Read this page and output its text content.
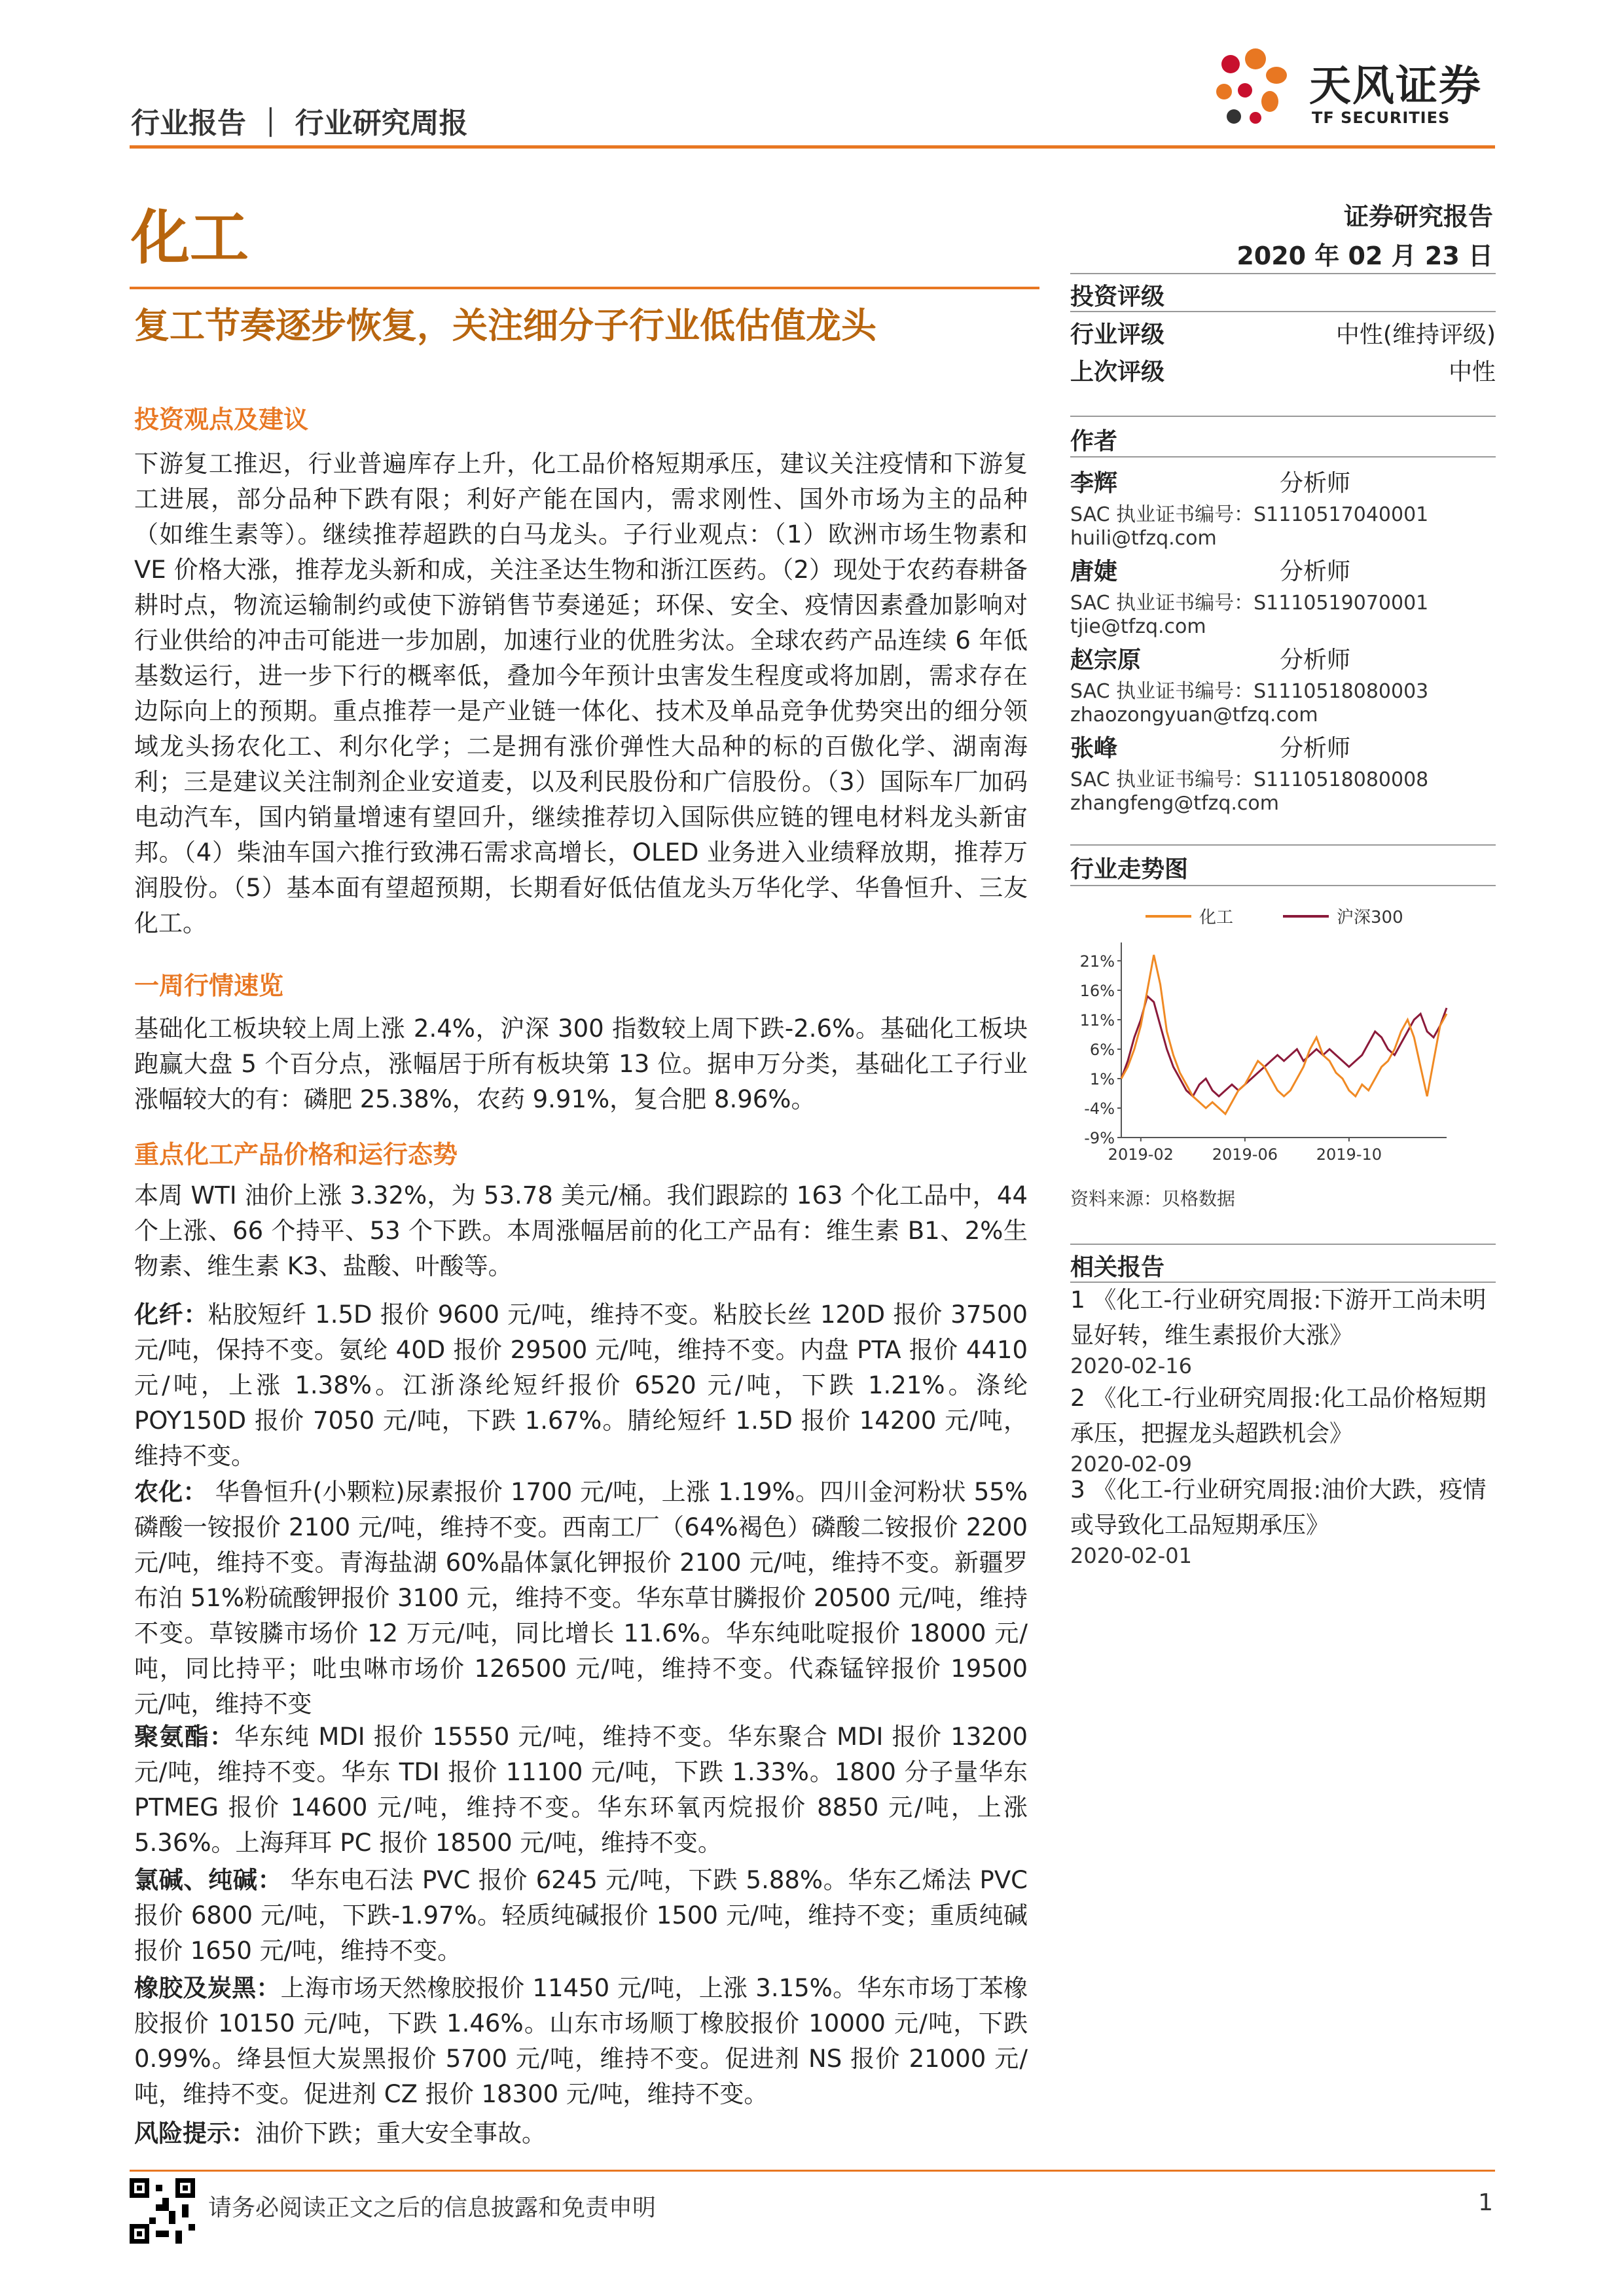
行业报告 ｜ 行业研究周报
天风证券
TF SECURITIES
化工	证券研究报告
2020 年 02 月 23 日
复工节奏逐步恢复，关注细分子行业低估值龙头
投资观点及建议
下游复工推迟，行业普遍库存上升，化工品价格短期承压，建议关注疫情和下游复工进展，部分品种下跌有限；利好产能在国内，需求刚性、国外市场为主的品种（如维生素等）。继续推荐超跌的白马龙头。子行业观点：（1）欧洲市场生物素和 VE 价格大涨，推荐龙头新和成，关注圣达生物和浙江医药。（2）现处于农药春耕备耕时点，物流运输制约或使下游销售节奏递延；环保、安全、疫情因素叠加影响对行业供给的冲击可能进一步加剧，加速行业的优胜劣汰。全球农药产品连续 6 年低基数运行，进一步下行的概率低，叠加今年预计虫害发生程度或将加剧，需求存在边际向上的预期。重点推荐一是产业链一体化、技术及单品竞争优势突出的细分领域龙头扬农化工、利尔化学；二是拥有涨价弹性大品种的标的百傲化学、湖南海利；三是建议关注制剂企业安道麦，以及利民股份和广信股份。（3）国际车厂加码电动汽车，国内销量增速有望回升，继续推荐切入国际供应链的锂电材料龙头新宙邦。（4）柴油车国六推行致沸石需求高增长，OLED 业务进入业绩释放期，推荐万润股份。（5）基本面有望超预期，长期看好低估值龙头万华化学、华鲁恒升、三友化工。
一周行情速览
基础化工板块较上周上涨 2.4%，沪深 300 指数较上周下跌-2.6%。基础化工板块跑赢大盘 5 个百分点，涨幅居于所有板块第 13 位。据申万分类，基础化工子行业涨幅较大的有：磷肥 25.38%，农药 9.91%，复合肥 8.96%。
重点化工产品价格和运行态势
本周 WTI 油价上涨 3.32%，为 53.78 美元/桶。我们跟踪的 163 个化工品中，44 个上涨、66 个持平、53 个下跌。本周涨幅居前的化工产品有：维生素 B1、2%生物素、维生素 K3、盐酸、叶酸等。
化纤：粘胶短纤 1.5D 报价 9600 元/吨，维持不变。粘胶长丝 120D 报价 37500 元/吨，保持不变。氨纶 40D 报价 29500 元/吨，维持不变。内盘 PTA 报价 4410 元/吨，上涨 1.38%。江浙涤纶短纤报价 6520 元/吨，下跌 1.21%。涤纶 POY150D 报价 7050 元/吨，下跌 1.67%。腈纶短纤 1.5D 报价 14200 元/吨，维持不变。
农化： 华鲁恒升(小颗粒)尿素报价 1700 元/吨，上涨 1.19%。四川金河粉状 55%磷酸一铵报价 2100 元/吨，维持不变。西南工厂（64%褐色）磷酸二铵报价 2200 元/吨，维持不变。青海盐湖 60%晶体氯化钾报价 2100 元/吨，维持不变。新疆罗布泊 51%粉硫酸钾报价 3100 元，维持不变。华东草甘膦报价 20500 元/吨，维持不变。草铵膦市场价 12 万元/吨，同比增长 11.6%。华东纯吡啶报价 18000 元/吨，同比持平；吡虫啉市场价 126500 元/吨，维持不变。代森锰锌报价 19500 元/吨，维持不变
聚氨酯：华东纯 MDI 报价 15550 元/吨，维持不变。华东聚合 MDI 报价 13200 元/吨，维持不变。华东 TDI 报价 11100 元/吨，下跌 1.33%。1800 分子量华东 PTMEG 报价 14600 元/吨，维持不变。华东环氧丙烷报价 8850 元/吨，上涨 5.36%。上海拜耳 PC 报价 18500 元/吨，维持不变。
氯碱、纯碱： 华东电石法 PVC 报价 6245 元/吨，下跌 5.88%。华东乙烯法 PVC 报价 6800 元/吨，下跌-1.97%。轻质纯碱报价 1500 元/吨，维持不变；重质纯碱报价 1650 元/吨，维持不变。
橡胶及炭黑：上海市场天然橡胶报价 11450 元/吨，上涨 3.15%。华东市场丁苯橡胶报价 10150 元/吨，下跌 1.46%。山东市场顺丁橡胶报价 10000 元/吨，下跌 0.99%。绛县恒大炭黑报价 5700 元/吨，维持不变。促进剂 NS 报价 21000 元/吨，维持不变。促进剂 CZ 报价 18300 元/吨，维持不变。
风险提示：油价下跌；重大安全事故。
投资评级
行业评级	中性(维持评级)
上次评级	中性
作者
李辉	分析师
SAC 执业证书编号：S1110517040001
huili@tfzq.com
唐婕	分析师
SAC 执业证书编号：S1110519070001
tjie@tfzq.com
赵宗原	分析师
SAC 执业证书编号：S1110518080003
zhaozongyuan@tfzq.com
张峰	分析师
SAC 执业证书编号：S1110518080008
zhangfeng@tfzq.com
行业走势图
化工	沪深300
21%
16%
11%
6%
1%
-4%
-9%
2019-02 2019-06 2019-10
资料来源：贝格数据
相关报告
1 《化工-行业研究周报:下游开工尚未明显好转，维生素报价大涨》
2020-02-16
2 《化工-行业研究周报:化工品价格短期承压，把握龙头超跌机会》
2020-02-09
3 《化工-行业研究周报:油价大跌，疫情或导致化工品短期承压》
2020-02-01
请务必阅读正文之后的信息披露和免责申明	1
